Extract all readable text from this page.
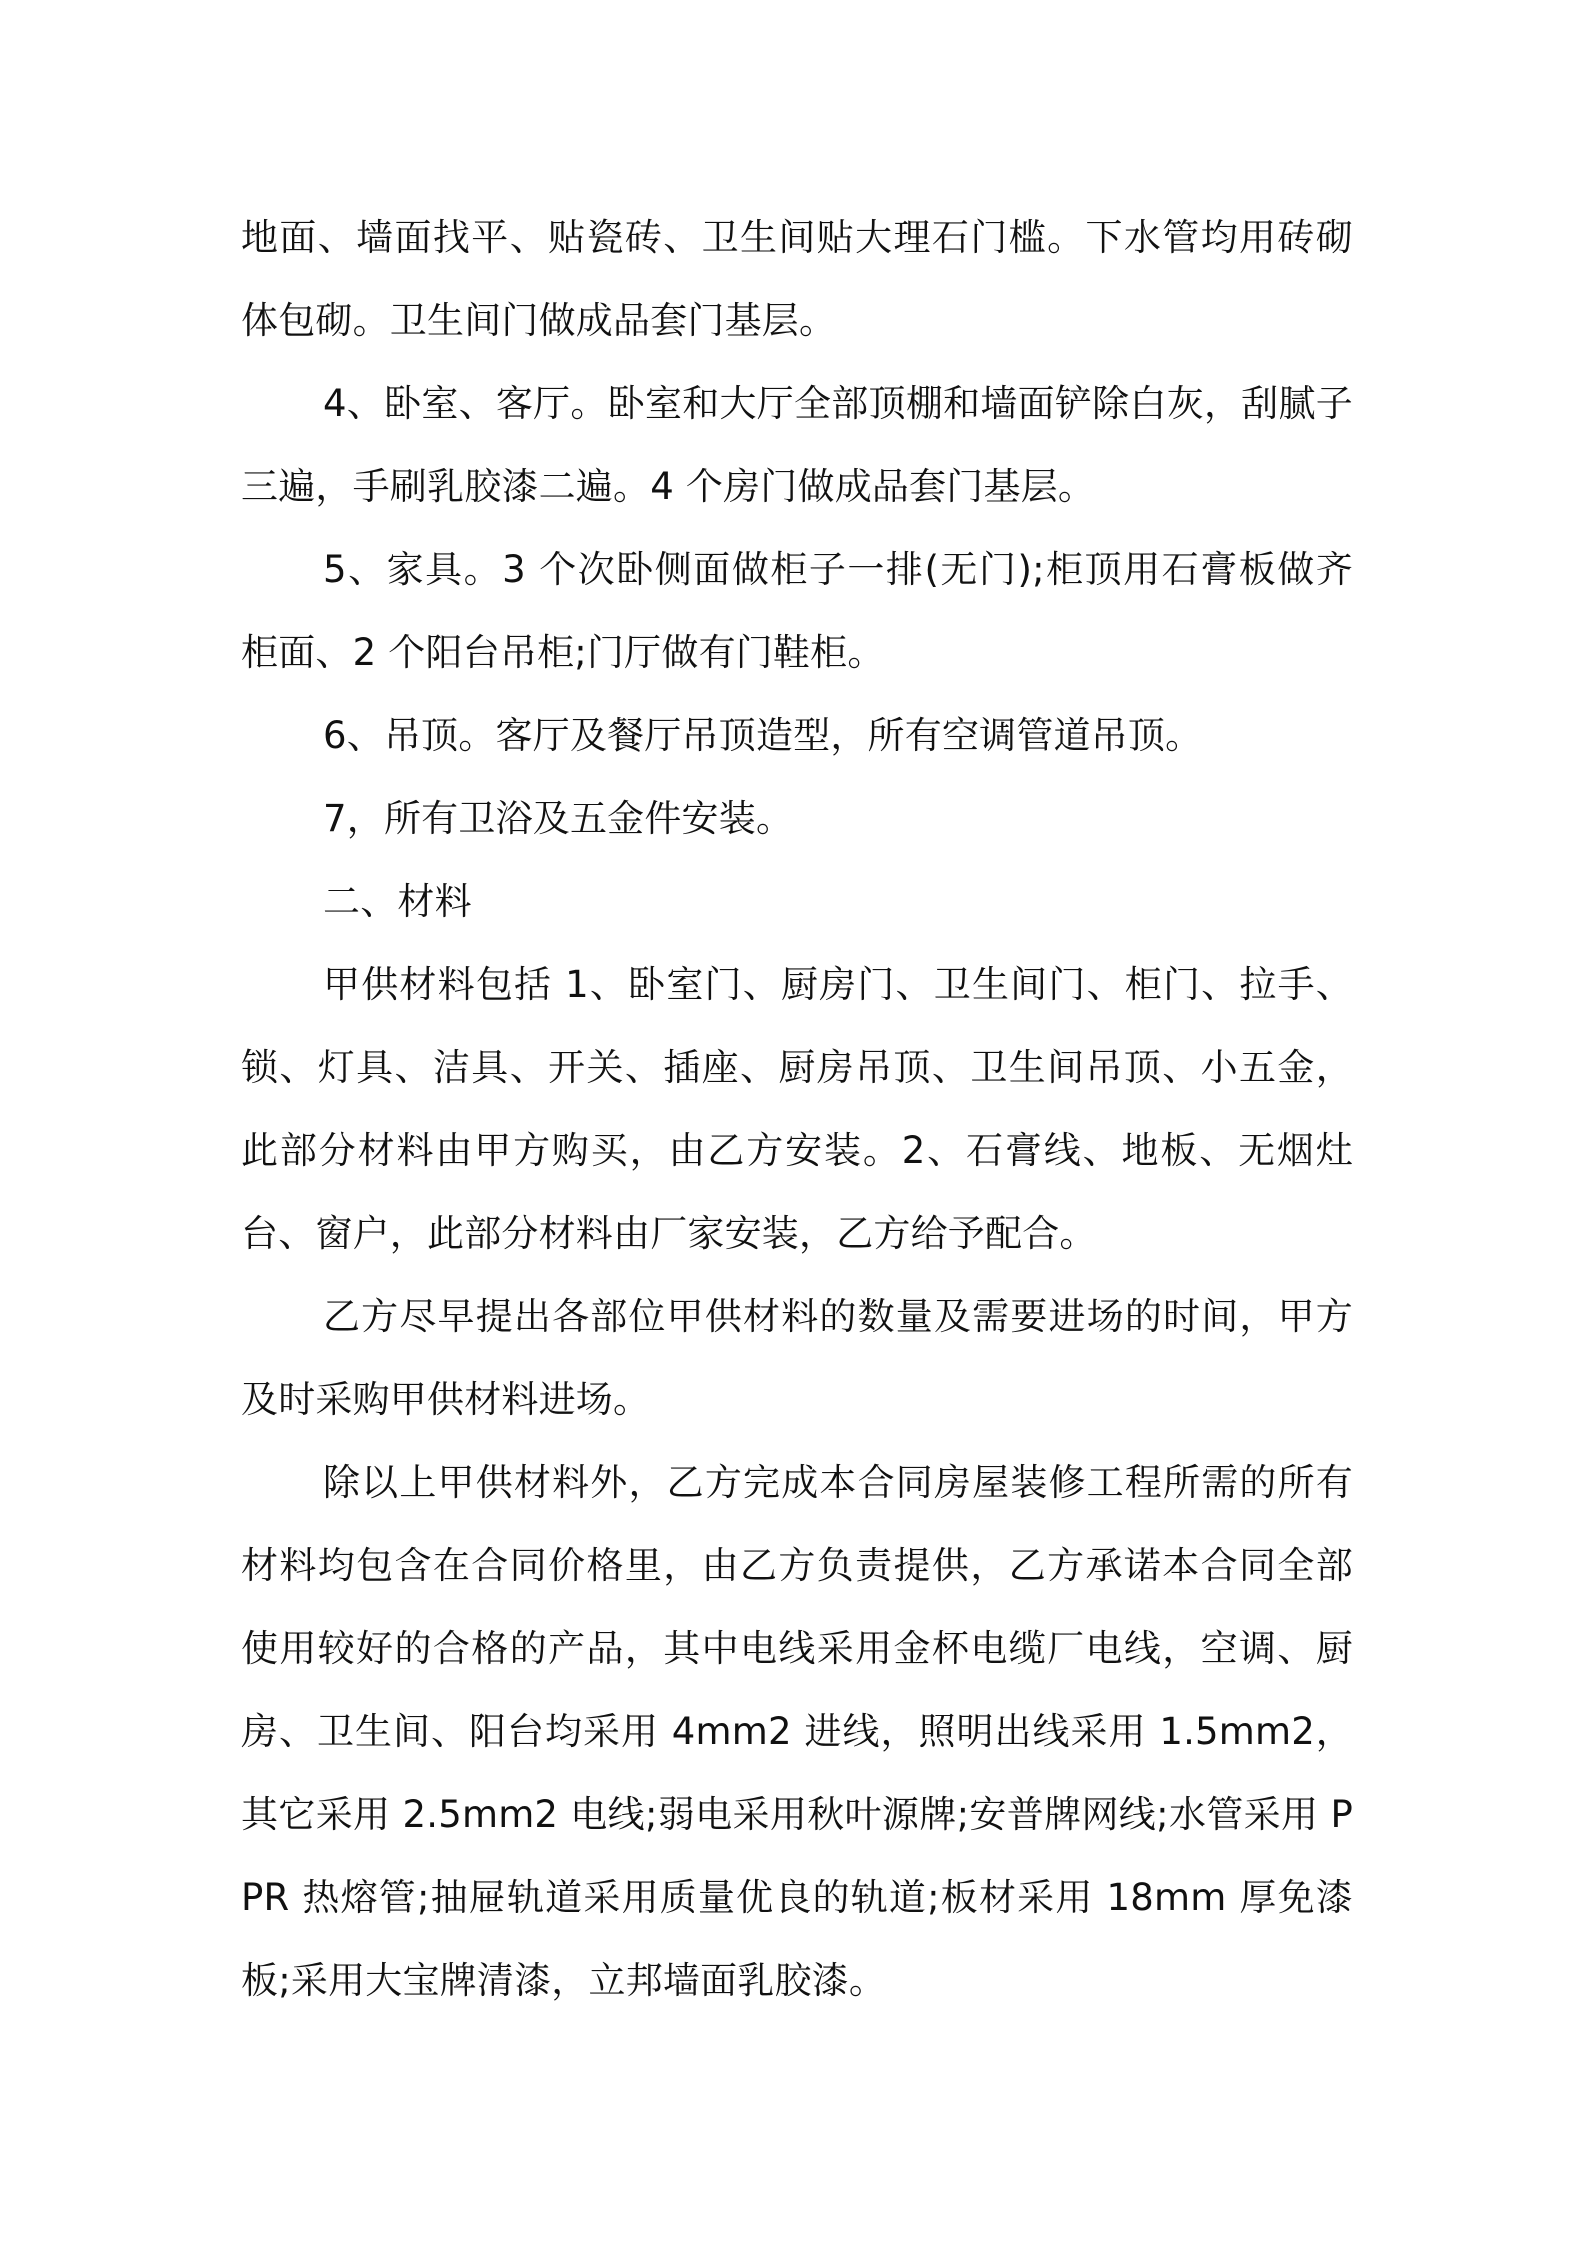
地面、墙面找平、贴瓷砖、卫生间贴大理石门槛。下水管均用砖砌体包砌。卫生间门做成品套门基层。

4、卧室、客厅。卧室和大厅全部顶棚和墙面铲除白灰，刮腻子三遍，手刷乳胶漆二遍。4 个房门做成品套门基层。

5、家具。3 个次卧侧面做柜子一排(无门);柜顶用石膏板做齐柜面、2 个阳台吊柜;门厅做有门鞋柜。

6、吊顶。客厅及餐厅吊顶造型，所有空调管道吊顶。

7，所有卫浴及五金件安装。

二、材料

甲供材料包括 1、卧室门、厨房门、卫生间门、柜门、拉手、锁、灯具、洁具、开关、插座、厨房吊顶、卫生间吊顶、小五金，此部分材料由甲方购买，由乙方安装。2、石膏线、地板、无烟灶台、窗户，此部分材料由厂家安装，乙方给予配合。

乙方尽早提出各部位甲供材料的数量及需要进场的时间，甲方及时采购甲供材料进场。

除以上甲供材料外，乙方完成本合同房屋装修工程所需的所有材料均包含在合同价格里，由乙方负责提供，乙方承诺本合同全部使用较好的合格的产品，其中电线采用金杯电缆厂电线，空调、厨房、卫生间、阳台均采用 4mm2 进线，照明出线采用 1.5mm2，其它采用 2.5mm2 电线;弱电采用秋叶源牌;安普牌网线;水管采用 PPR 热熔管;抽屉轨道采用质量优良的轨道;板材采用 18mm 厚免漆板;采用大宝牌清漆，立邦墙面乳胶漆。
